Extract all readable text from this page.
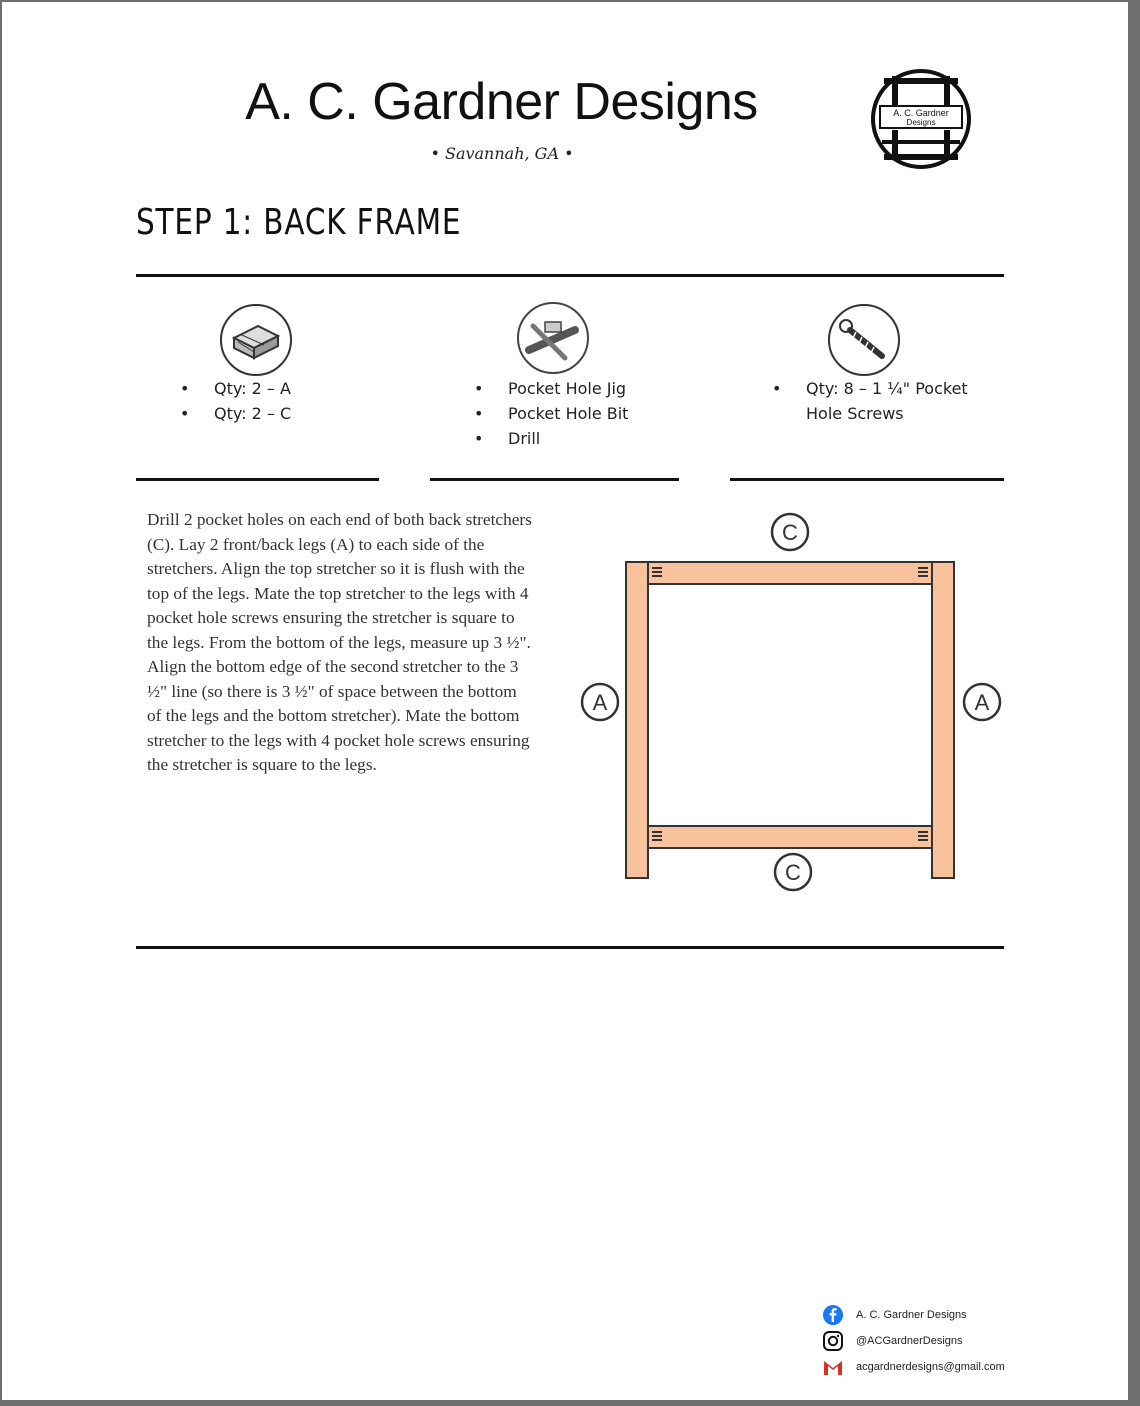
A. C. Gardner Designs
• Savannah, GA •
A. C. Gardner
Designs
STEP 1: BACK FRAME
• Qty: 2 – A
• Qty: 2 – C
• Pocket Hole Jig
• Pocket Hole Bit
• Drill
• Qty: 8 – 1 ¼" Pocket Hole Screws
Drill 2 pocket holes on each end of both back stretchers (C). Lay 2 front/back legs (A) to each side of the stretchers. Align the top stretcher so it is flush with the top of the legs. Mate the top stretcher to the legs with 4 pocket hole screws ensuring the stretcher is square to the legs. From the bottom of the legs, measure up 3 ½". Align the bottom edge of the second stretcher to the 3 ½" line (so there is 3 ½" of space between the bottom of the legs and the bottom stretcher). Mate the bottom stretcher to the legs with 4 pocket hole screws ensuring the stretcher is square to the legs.
C
C
A	A
A. C. Gardner Designs
@ACGardnerDesigns
acgardnerdesigns@gmail.com
